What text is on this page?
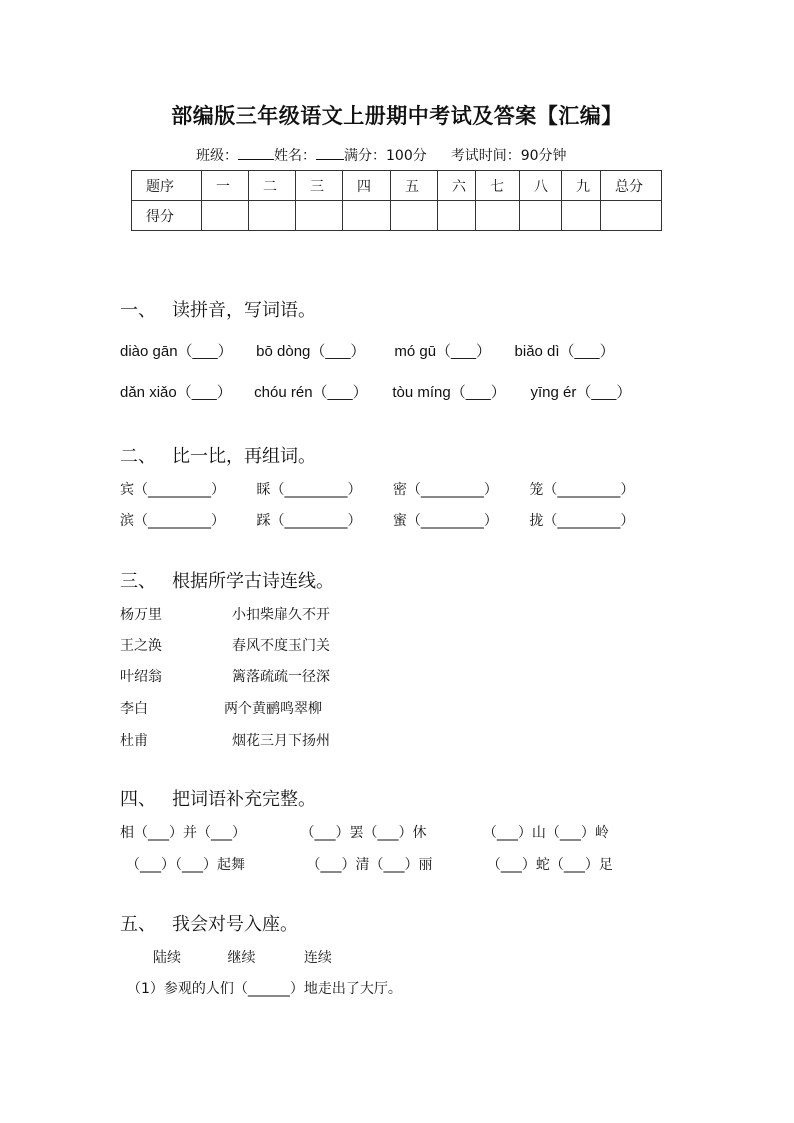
部编版三年级语文上册期中考试及答案【汇编】
班级：	姓名： 满分：100分 考试时间：90分钟
题序	一	二	三	四	五	六	七	八	九	总分
得分										
一、 读拼音，写词语。
diào gān（___） bō dòng（___） mó gū（___） biǎo dì（___）
dǎn xiǎo（___） chóu rén（___） tòu míng（___） yīng ér（___）
二、 比一比，再组词。
宾（_________） 睬（_________） 密（_________） 笼（_________）
滨（_________） 踩（_________） 蜜（_________） 拢（_________）
三、 根据所学古诗连线。
杨万里	小扣柴扉久不开
王之涣	春风不度玉门关
叶绍翁	篱落疏疏一径深
李白	两个黄鹂鸣翠柳
杜甫	烟花三月下扬州
四、 把词语补充完整。
相（___）并（___）	（___）罢（___）休	（___）山（___）岭
（___）（___）起舞	（___）清（___）丽	（___）蛇（___）足
五、 我会对号入座。
陆续	继续	连续
（1）参观的人们（______）地走出了大厅。
